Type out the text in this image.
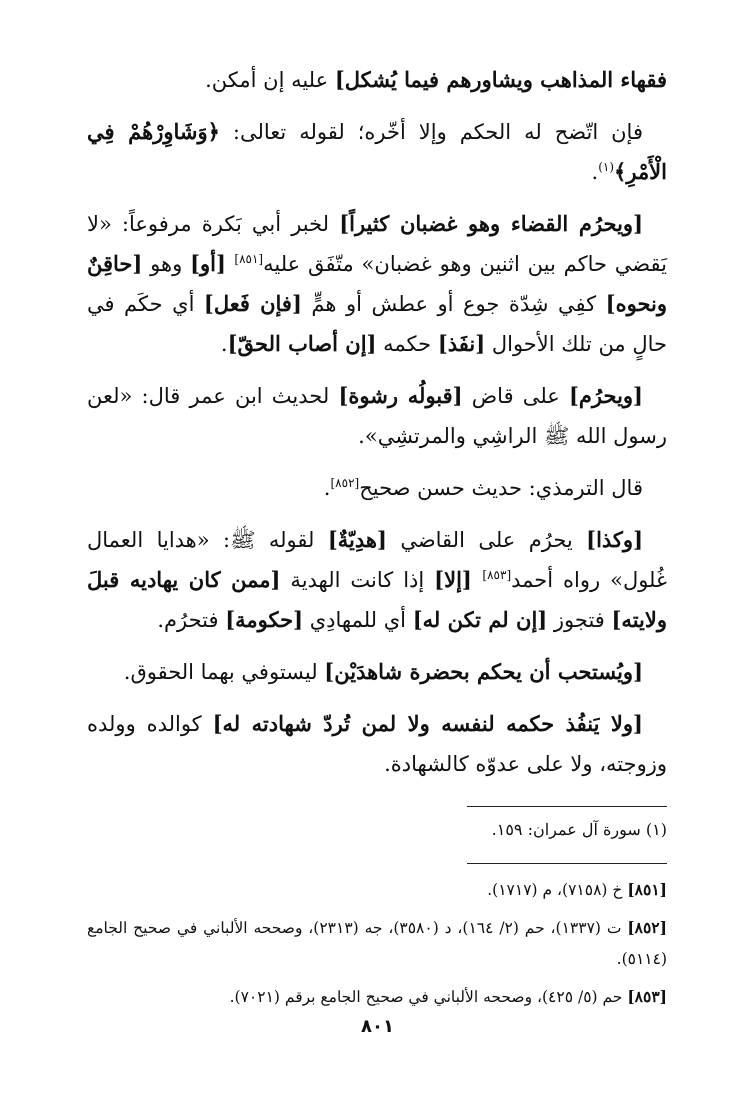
فقهاء المذاهب ويشاورهم فيما يُشكل] عليه إن أمكن.

فإن اتّضح له الحكم وإلا أخّره؛ لقوله تعالى: ﴿وَشَاوِرْهُمْ فِي الْأَمْرِ﴾$^{(١)}$.

[ويحرُم القضاء وهو غضبان كثيراً] لخبر أبي بَكرة مرفوعاً: «لا يَقضي حاكم بين اثنين وهو غضبان» متّفَق عليه[٨٥١] [أو] وهو [حاقِنٌ ونحوه] كفِي شِدّة جوع أو عطش أو همٍّ [فإن فَعل] أي حكَم في حالٍ من تلك الأحوال [نفَذ] حكمه [إن أصاب الحقّ].

[ويحرُم] على قاض [قبولُه رشوة] لحديث ابن عمر قال: «لعن رسول الله ﷺ الراشِي والمرتشِي».

قال الترمذي: حديث حسن صحيح[٨٥٢].

[وكذا] يحرُم على القاضي [هدِيّةٌ] لقوله ﷺ: «هدايا العمال غُلول» رواه أحمد[٨٥٣] [إلا] إذا كانت الهدية [ممن كان يهاديه قبلَ ولايته] فتجوز [إن لم تكن له] أي للمهادِي [حكومة] فتحرُم.

[ويُستحب أن يحكم بحضرة شاهدَيْن] ليستوفي بهما الحقوق.

[ولا يَنفُذ حكمه لنفسه ولا لمن تُردّ شهادته له] كوالده وولده وزوجته، ولا على عدوّه كالشهادة.

(١) سورة آل عمران: ١٥٩.

[٨٥١] خ (٧١٥٨)، م (١٧١٧).

[٨٥٢] ت (١٣٣٧)، حم (٢/ ١٦٤)، د (٣٥٨٠)، جه (٢٣١٣)، وصححه الألباني في صحيح الجامع (٥١١٤).

[٨٥٣] حم (٥/ ٤٢٥)، وصححه الألباني في صحيح الجامع برقم (٧٠٢١).

٨٠١
